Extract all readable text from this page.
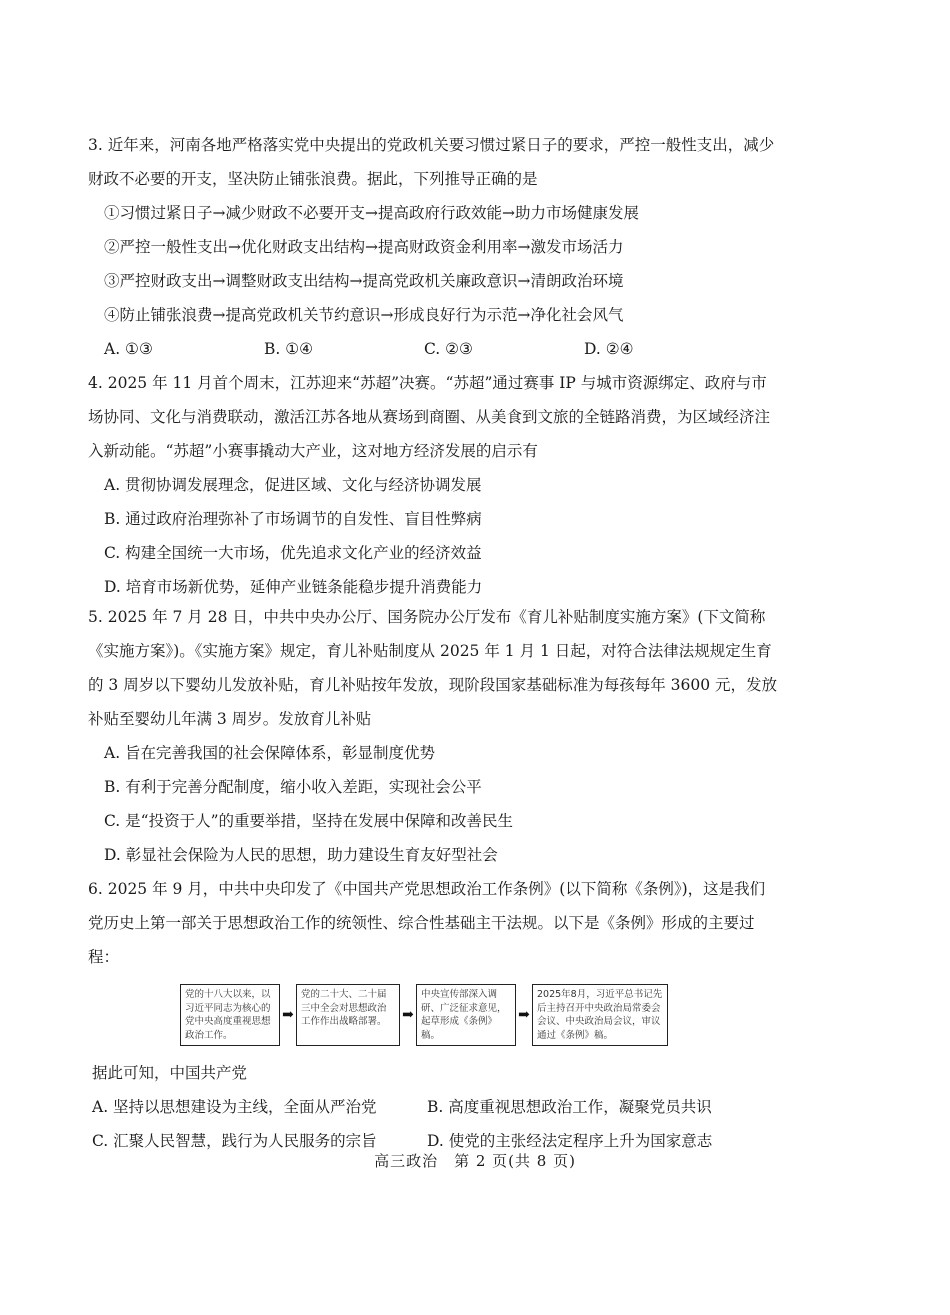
3. 近年来，河南各地严格落实党中央提出的党政机关要习惯过紧日子的要求，严控一般性支出，减少财政不必要的开支，坚决防止铺张浪费。据此，下列推导正确的是
①习惯过紧日子→减少财政不必要开支→提高政府行政效能→助力市场健康发展
②严控一般性支出→优化财政支出结构→提高财政资金利用率→激发市场活力
③严控财政支出→调整财政支出结构→提高党政机关廉政意识→清朗政治环境
④防止铺张浪费→提高党政机关节约意识→形成良好行为示范→净化社会风气
A. ①③	B. ①④	C. ②③	D. ②④
4. 2025 年 11 月首个周末，江苏迎来“苏超”决赛。“苏超”通过赛事 IP 与城市资源绑定、政府与市场协同、文化与消费联动，激活江苏各地从赛场到商圈、从美食到文旅的全链路消费，为区域经济注入新动能。“苏超”小赛事撬动大产业，这对地方经济发展的启示有
A. 贯彻协调发展理念，促进区域、文化与经济协调发展
B. 通过政府治理弥补了市场调节的自发性、盲目性弊病
C. 构建全国统一大市场，优先追求文化产业的经济效益
D. 培育市场新优势，延伸产业链条能稳步提升消费能力
5. 2025 年 7 月 28 日，中共中央办公厅、国务院办公厅发布《育儿补贴制度实施方案》(下文简称《实施方案》)。《实施方案》规定，育儿补贴制度从 2025 年 1 月 1 日起，对符合法律法规规定生育的 3 周岁以下婴幼儿发放补贴，育儿补贴按年发放，现阶段国家基础标准为每孩每年 3600 元，发放补贴至婴幼儿年满 3 周岁。发放育儿补贴
A. 旨在完善我国的社会保障体系，彰显制度优势
B. 有利于完善分配制度，缩小收入差距，实现社会公平
C. 是“投资于人”的重要举措，坚持在发展中保障和改善民生
D. 彰显社会保险为人民的思想，助力建设生育友好型社会
6. 2025 年 9 月，中共中央印发了《中国共产党思想政治工作条例》(以下简称《条例》)，这是我们党历史上第一部关于思想政治工作的统领性、综合性基础主干法规。以下是《条例》形成的主要过程：
党的十八大以来，以习近平同志为核心的党中央高度重视思想政治工作。
➡
党的二十大、二十届三中全会对思想政治工作作出战略部署。	➡
中央宣传部深入调研、广泛征求意见，起草形成《条例》稿。
➡
2025年8月，习近平总书记先后主持召开中央政治局常委会会议、中央政治局会议，审议通过《条例》稿。
据此可知，中国共产党
A. 坚持以思想建设为主线，全面从严治党	B. 高度重视思想政治工作，凝聚党员共识
C. 汇聚人民智慧，践行为人民服务的宗旨	D. 使党的主张经法定程序上升为国家意志
高三政治　第 2 页(共 8 页)
